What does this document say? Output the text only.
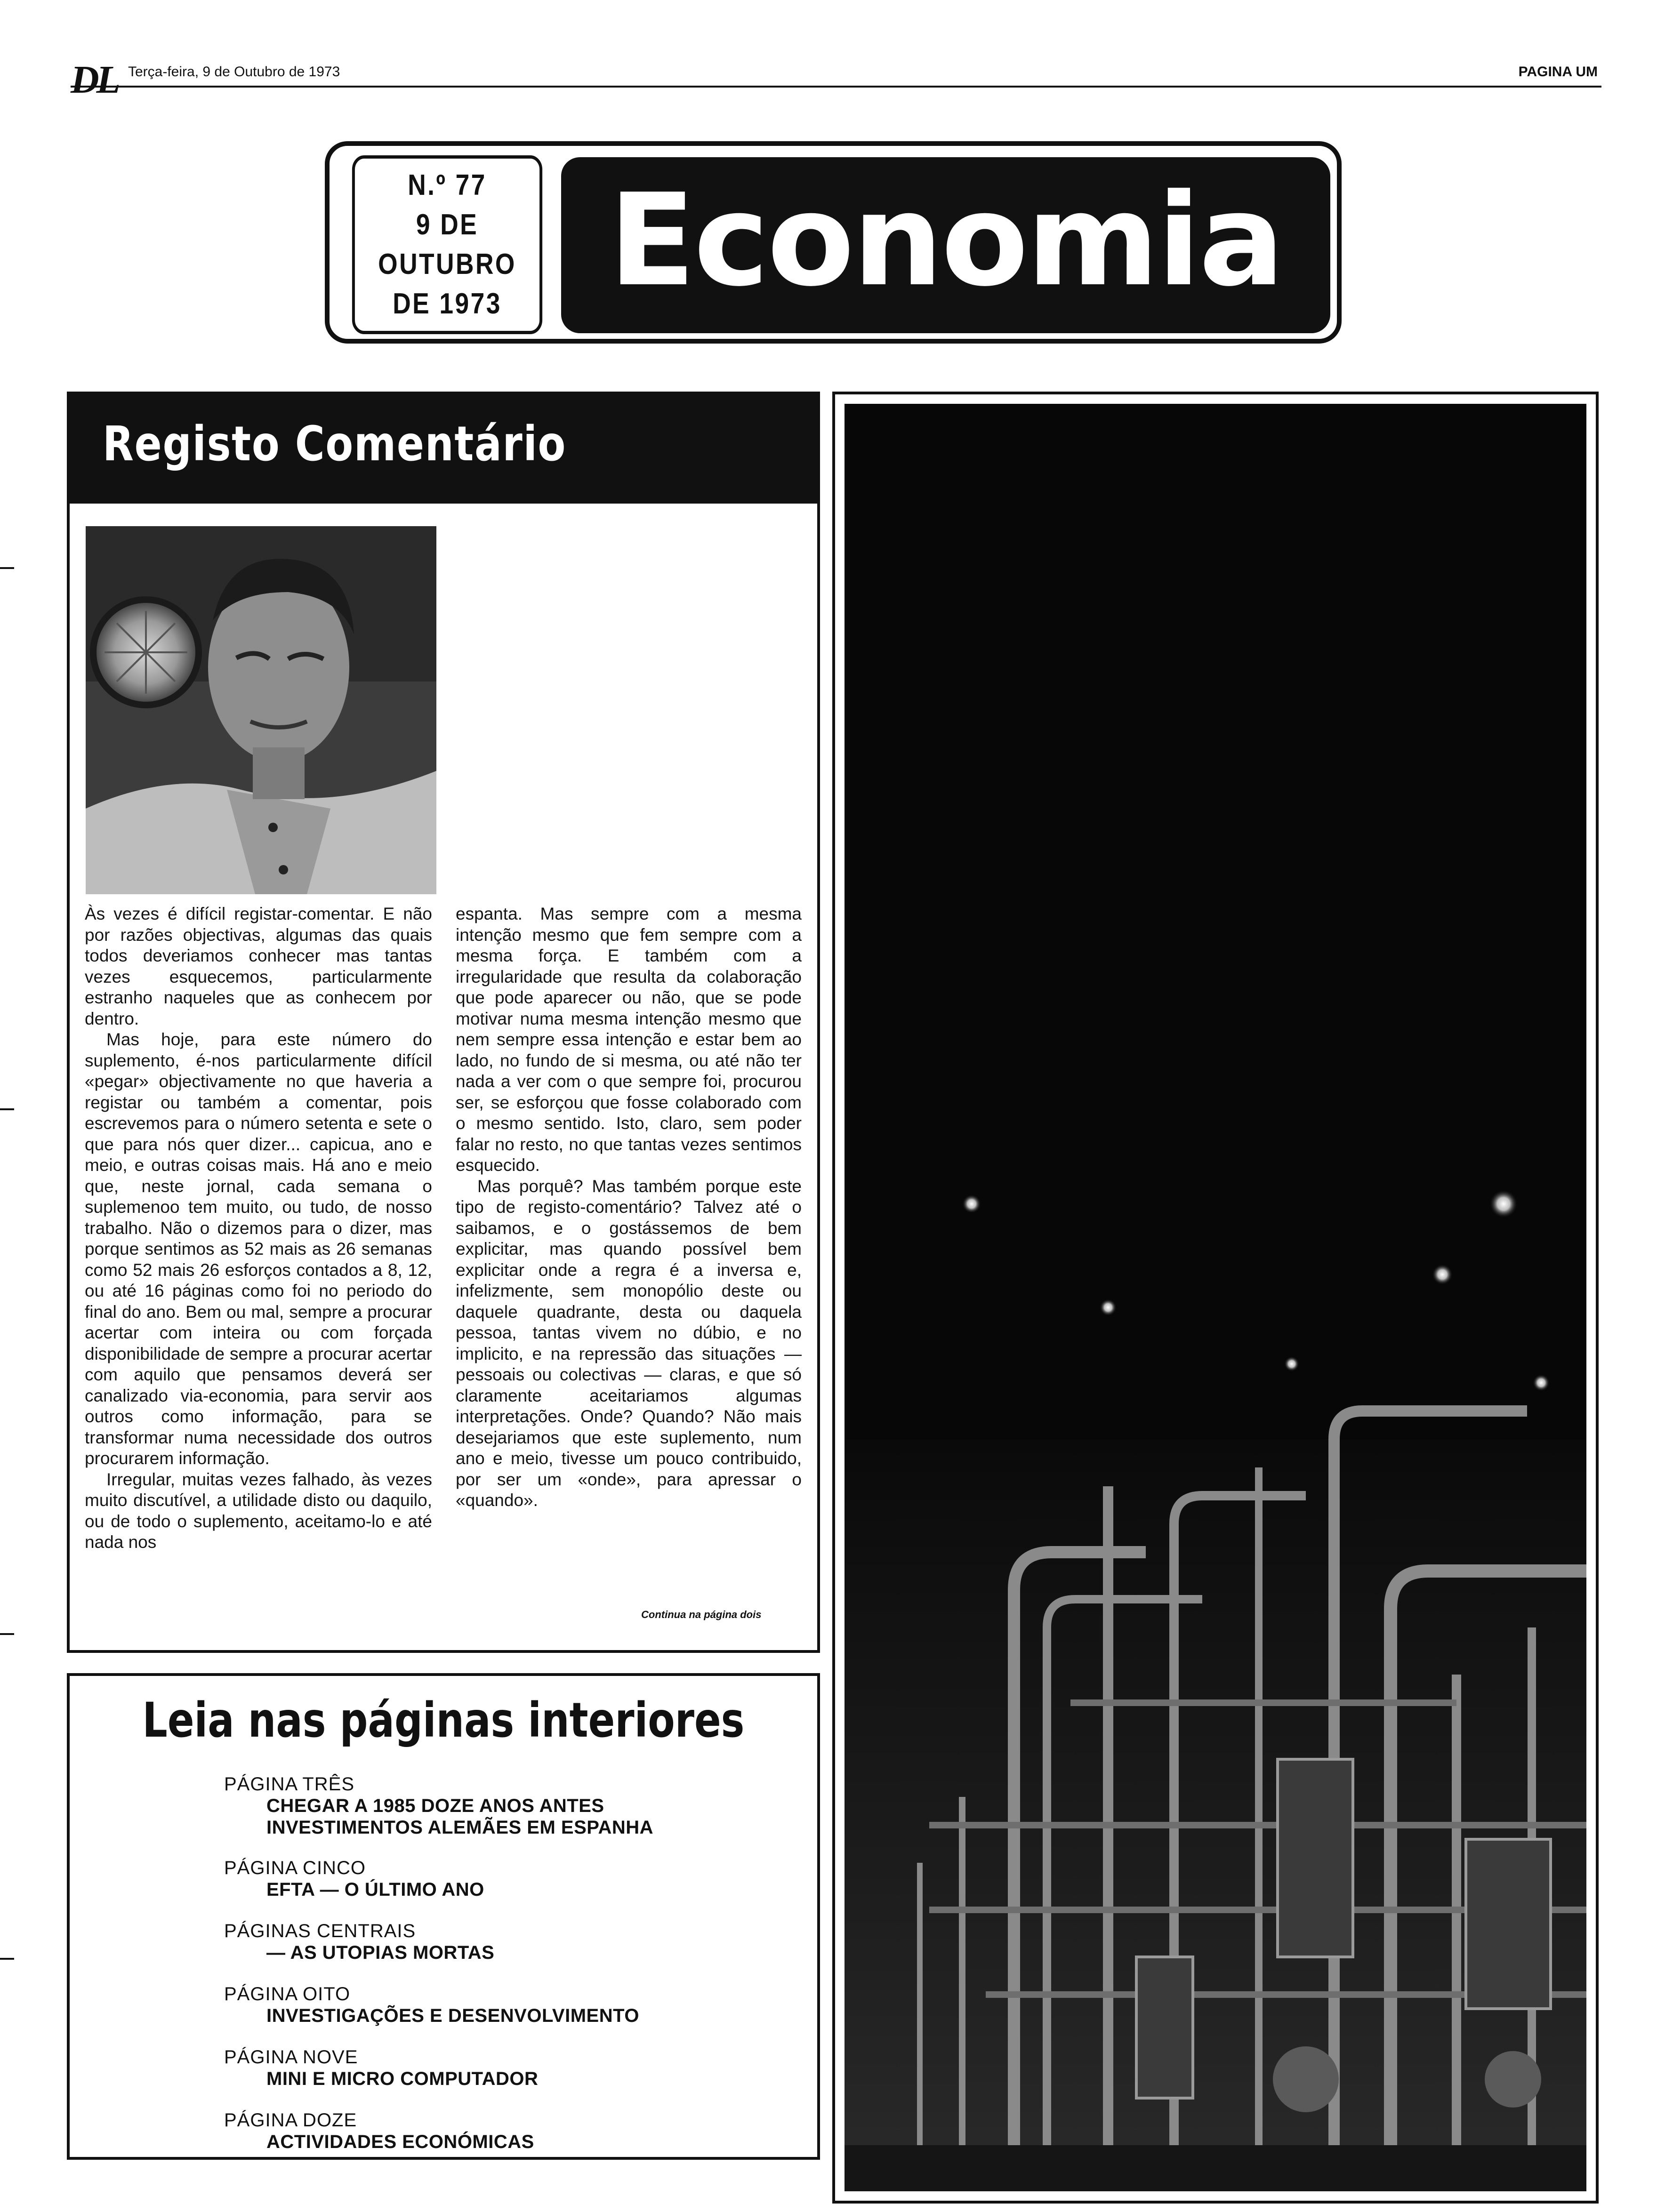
DL Terça-feira, 9 de Outubro de 1973	PAGINA UM
N.º 77
9 DE
OUTUBRO
DE 1973 Economia
Registo Comentário

Às vezes é difícil registar-comentar. E não por razões objectivas, algumas das quais todos deveriamos conhecer mas tantas vezes esquecemos, particularmente estranho naqueles que as conhecem por dentro.

Mas hoje, para este número do suplemento, é-nos particularmente difícil «pegar» objectivamente no que haveria a registar ou também a comentar, pois escrevemos para o número setenta e sete o que para nós quer dizer... capicua, ano e meio, e outras coisas mais. Há ano e meio que, neste jornal, cada semana o suplemenoo tem muito, ou tudo, de nosso trabalho. Não o dizemos para o dizer, mas porque sentimos as 52 mais as 26 semanas como 52 mais 26 esforços contados a 8, 12, ou até 16 páginas como foi no periodo do final do ano. Bem ou mal, sempre a procurar acertar com inteira ou com forçada disponibilidade de sempre a procurar acertar com aquilo que pensamos deverá ser canalizado via-economia, para servir aos outros como informação, para se transformar numa necessidade dos outros procurarem informação.

Irregular, muitas vezes falhado, às vezes muito discutível, a utilidade disto ou daquilo, ou de todo o suplemento, aceitamo-lo e até nada nos

espanta. Mas sempre com a mesma intenção mesmo que fem sempre com a mesma força. E também com a irregularidade que resulta da colaboração que pode aparecer ou não, que se pode motivar numa mesma intenção mesmo que nem sempre essa intenção e estar bem ao lado, no fundo de si mesma, ou até não ter nada a ver com o que sempre foi, procurou ser, se esforçou que fosse colaborado com o mesmo sentido. Isto, claro, sem poder falar no resto, no que tantas vezes sentimos esquecido.

Mas porquê? Mas também porque este tipo de registo-comentário? Talvez até o saibamos, e o gostássemos de bem explicitar, mas quando possível bem explicitar onde a regra é a inversa e, infelizmente, sem monopólio deste ou daquele quadrante, desta ou daquela pessoa, tantas vivem no dúbio, e no implicito, e na repressão das situações — pessoais ou colectivas — claras, e que só claramente aceitariamos algumas interpretações. Onde? Quando? Não mais desejariamos que este suplemento, num ano e meio, tivesse um pouco contribuido, por ser um «onde», para apressar o «quando».

Continua na página dois
Leia nas páginas interiores
PÁGINA TRÊS
CHEGAR A 1985 DOZE ANOS ANTES
INVESTIMENTOS ALEMÃES EM ESPANHA
PÁGINA CINCO
EFTA — O ÚLTIMO ANO
PÁGINAS CENTRAIS
— AS UTOPIAS MORTAS
PÁGINA OITO
INVESTIGAÇÕES E DESENVOLVIMENTO
PÁGINA NOVE
MINI E MICRO COMPUTADOR
PÁGINA DOZE
ACTIVIDADES ECONÓMICAS
